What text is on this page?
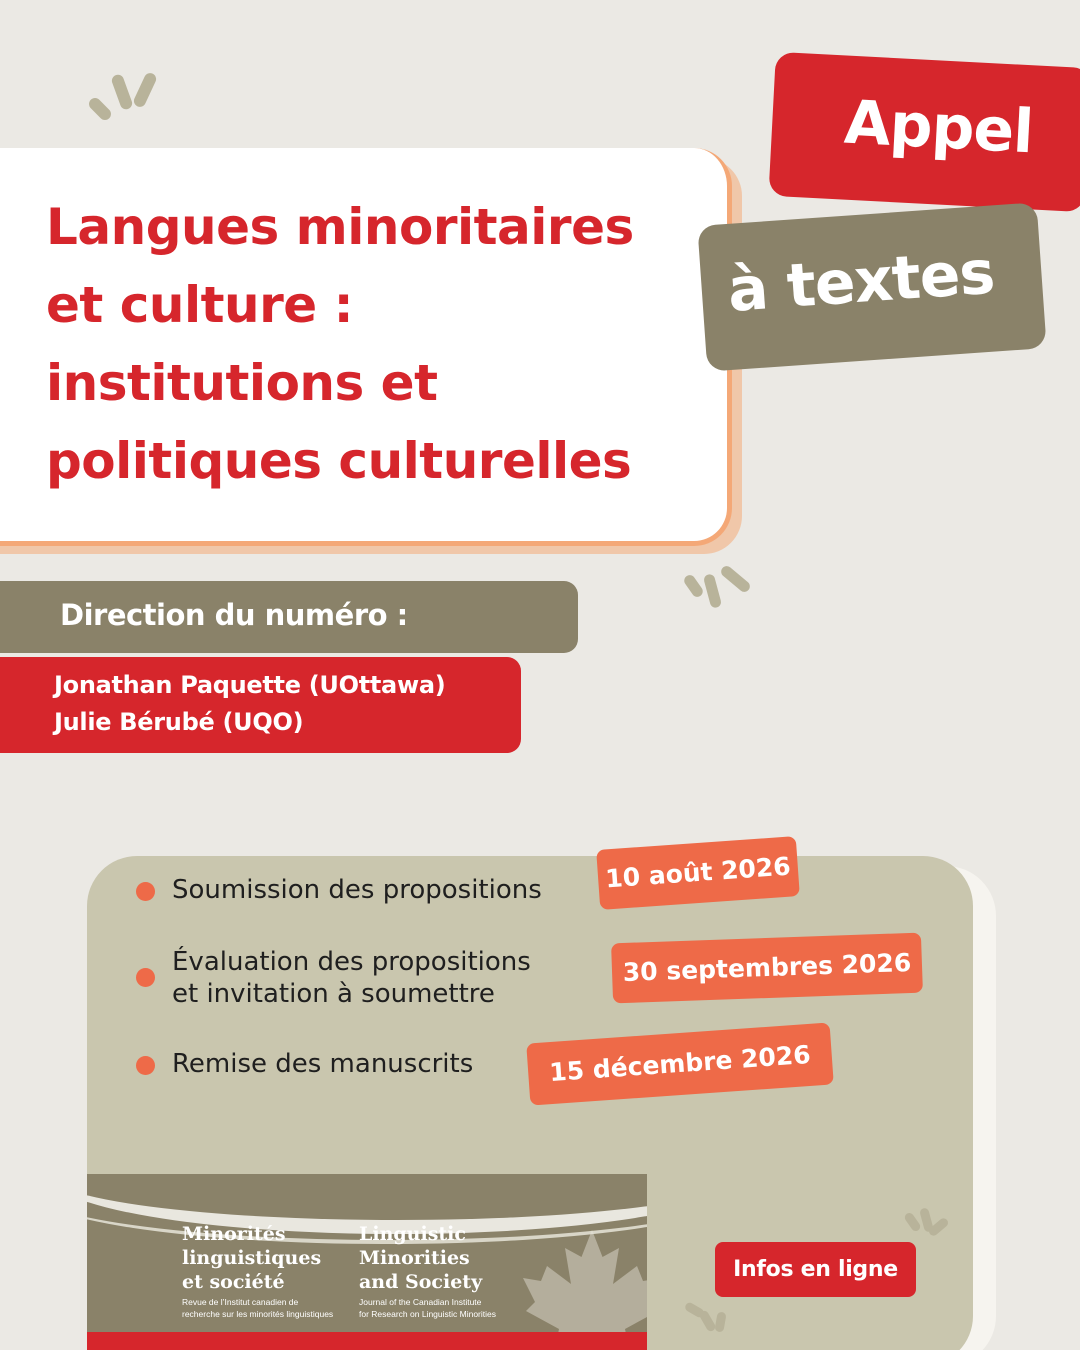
Langues minoritaires
et culture :
institutions et
politiques culturelles
Appel
à textes
Direction du numéro :
Jonathan Paquette (UOttawa)
Julie Bérubé (UQO)
Soumission des propositions	10 août 2026
Évaluation des propositions
et invitation à soumettre
30 septembres 2026
Remise des manuscrits	15 décembre 2026
Minorités
linguistiques
et société
Revue de l’Institut canadien de
recherche sur les minorités linguistiques
Linguistic
Minorities
and Society
Journal of the Canadian Institute
for Research on Linguistic Minorities
Infos en ligne
